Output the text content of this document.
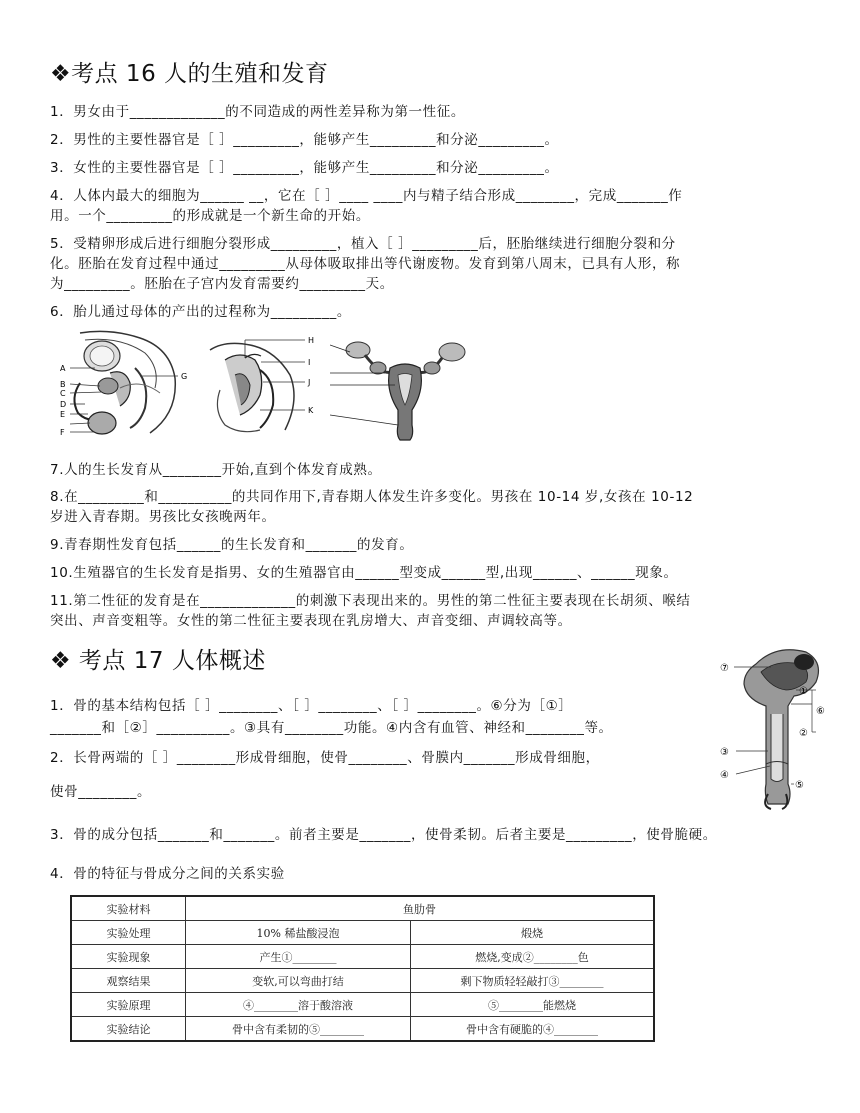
❖考点 16 人的生殖和发育
1．男女由于_____________的不同造成的两性差异称为第一性征。
2．男性的主要性器官是［ ］_________，能够产生_________和分泌_________。
3．女性的主要性器官是［ ］_________，能够产生_________和分泌_________。
4．人体内最大的细胞为______ __，它在［ ］____ ____内与精子结合形成________，完成_______作
用。一个_________的形成就是一个新生命的开始。
5．受精卵形成后进行细胞分裂形成_________，植入［ ］_________后，胚胎继续进行细胞分裂和分
化。胚胎在发育过程中通过_________从母体吸取排出等代谢废物。发育到第八周末，已具有人形，称
为_________。胚胎在子宫内发育需要约_________天。
6．胎儿通过母体的产出的过程称为_________。
A
B
C
D
E
F
G
H
I
J
K
7.人的生长发育从________开始,直到个体发育成熟。
8.在_________和__________的共同作用下,青春期人体发生许多变化。男孩在 10-14 岁,女孩在 10-12
岁进入青春期。男孩比女孩晚两年。
9.青春期性发育包括______的生长发育和_______的发育。
10.生殖器官的生长发育是指男、女的生殖器官由______型变成______型,出现______、______现象。
11.第二性征的发育是在_____________的刺激下表现出来的。男性的第二性征主要表现在长胡须、喉结
突出、声音变粗等。女性的第二性征主要表现在乳房增大、声音变细、声调较高等。
❖ 考点 17 人体概述
1．骨的基本结构包括［ ］________、［ ］________、［ ］________。⑥分为［①］
_______和［②］__________。③具有________功能。④内含有血管、神经和________等。
2．长骨两端的［ ］________形成骨细胞，使骨________、骨膜内_______形成骨细胞，
使骨________。
3．骨的成分包括_______和_______。前者主要是_______，使骨柔韧。后者主要是_________，使骨脆硬。
4．骨的特征与骨成分之间的关系实验
⑦
⑥
①
②
③
④
⑤
实验材料	鱼肋骨	
实验处理	10% 稀盐酸浸泡	煅烧
实验现象	产生①________	燃烧,变成②________色
观察结果	变软,可以弯曲打结	剩下物质轻轻敲打③________
实验原理	④________溶于酸溶液	⑤________能燃烧
实验结论	骨中含有柔韧的⑤________	骨中含有硬脆的④________
